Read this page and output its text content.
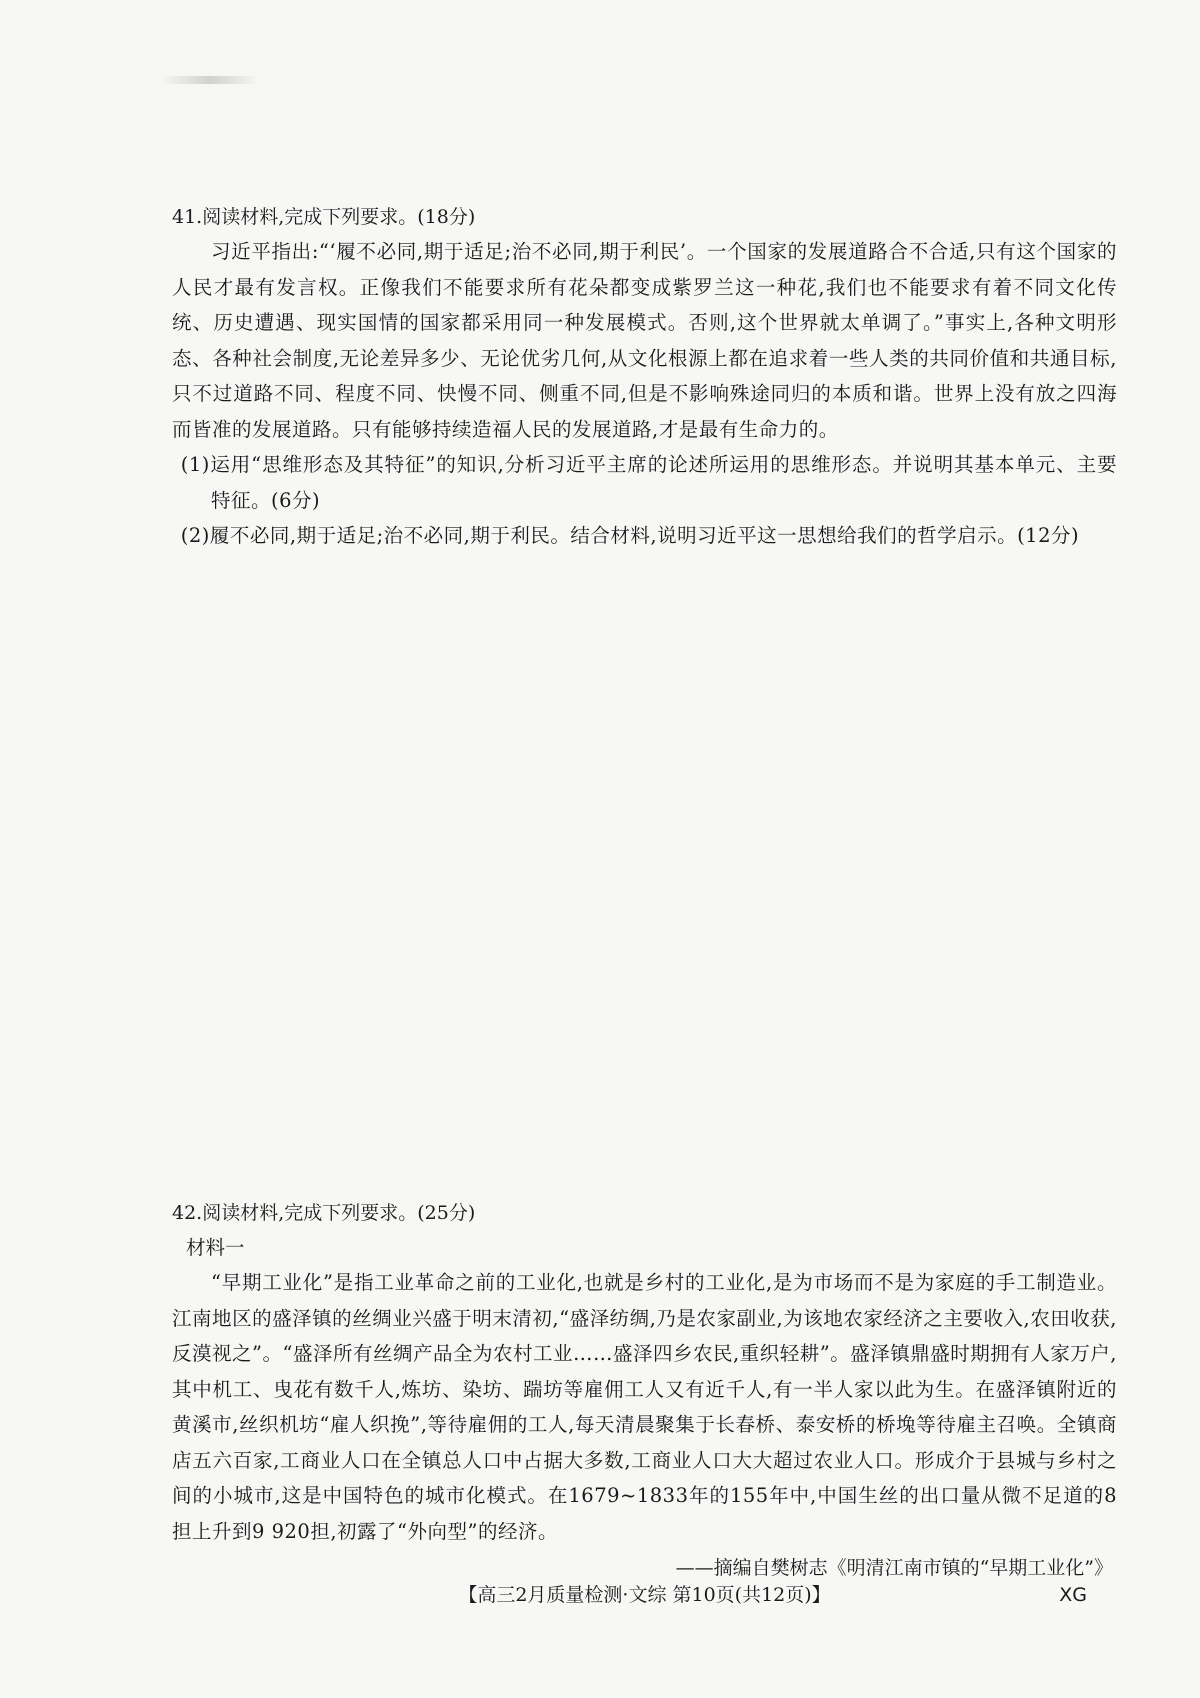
41.阅读材料,完成下列要求。(18分)

习近平指出:“‘履不必同,期于适足;治不必同,期于利民’。一个国家的发展道路合不合适,只有这个国家的人民才最有发言权。正像我们不能要求所有花朵都变成紫罗兰这一种花,我们也不能要求有着不同文化传统、历史遭遇、现实国情的国家都采用同一种发展模式。否则,这个世界就太单调了。”事实上,各种文明形态、各种社会制度,无论差异多少、无论优劣几何,从文化根源上都在追求着一些人类的共同价值和共通目标,只不过道路不同、程度不同、快慢不同、侧重不同,但是不影响殊途同归的本质和谐。世界上没有放之四海而皆准的发展道路。只有能够持续造福人民的发展道路,才是最有生命力的。

(1)运用“思维形态及其特征”的知识,分析习近平主席的论述所运用的思维形态。并说明其基本单元、主要特征。(6分)

(2)履不必同,期于适足;治不必同,期于利民。结合材料,说明习近平这一思想给我们的哲学启示。(12分)

42.阅读材料,完成下列要求。(25分)

材料一

“早期工业化”是指工业革命之前的工业化,也就是乡村的工业化,是为市场而不是为家庭的手工制造业。江南地区的盛泽镇的丝绸业兴盛于明末清初,“盛泽纺绸,乃是农家副业,为该地农家经济之主要收入,农田收获,反漠视之”。“盛泽所有丝绸产品全为农村工业……盛泽四乡农民,重织轻耕”。盛泽镇鼎盛时期拥有人家万户,其中机工、曳花有数千人,炼坊、染坊、踹坊等雇佣工人又有近千人,有一半人家以此为生。在盛泽镇附近的黄溪市,丝织机坊“雇人织挽”,等待雇佣的工人,每天清晨聚集于长春桥、泰安桥的桥堍等待雇主召唤。全镇商店五六百家,工商业人口在全镇总人口中占据大多数,工商业人口大大超过农业人口。形成介于县城与乡村之间的小城市,这是中国特色的城市化模式。在1679~1833年的155年中,中国生丝的出口量从微不足道的8担上升到9 920担,初露了“外向型”的经济。

——摘编自樊树志《明清江南市镇的“早期工业化”》

【高三2月质量检测·文综 第10页(共12页)】	XG
